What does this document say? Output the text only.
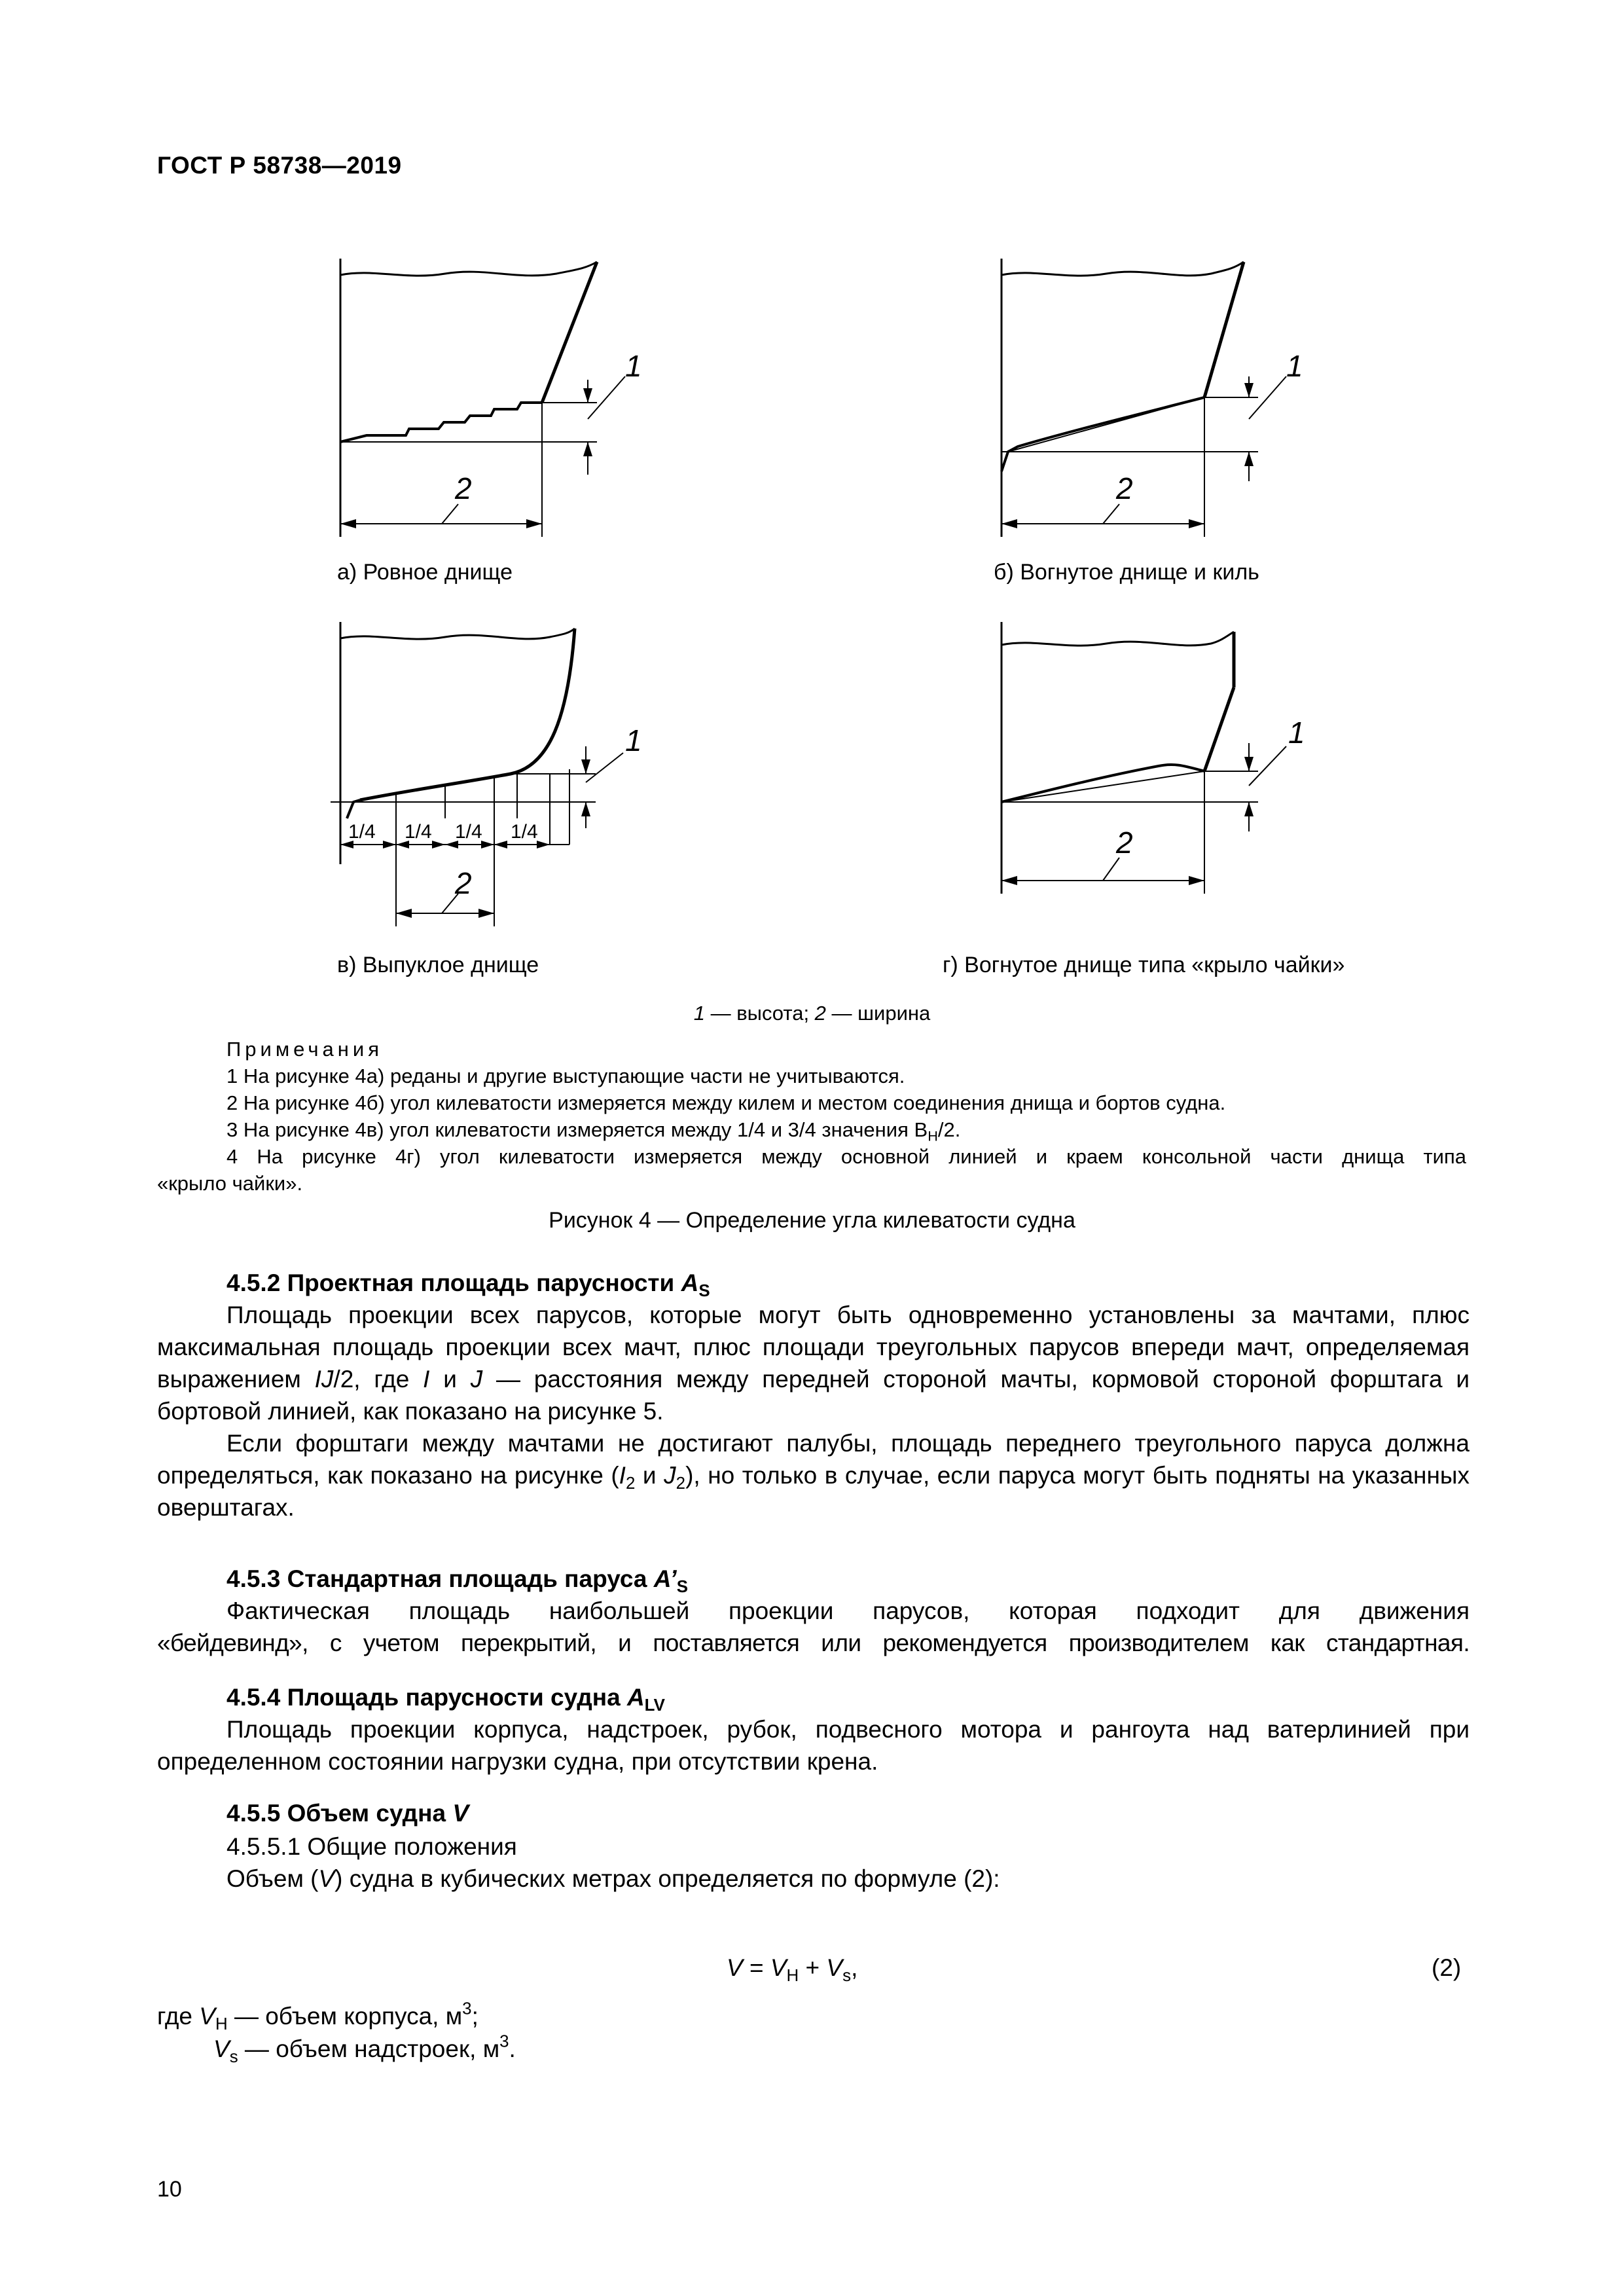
ГОСТ Р 58738—2019
1
2
а) Ровное днище
1
2
б) Вогнутое днище и киль
1/4 1/4 1/4 1/4
1
2
в) Выпуклое днище
1
2
г) Вогнутое днище типа «крыло чайки»
1 — высота; 2 — ширина
Примечания
1 На рисунке 4а) реданы и другие выступающие части не учитываются.
2 На рисунке 4б) угол килеватости измеряется между килем и местом соединения днища и бортов судна.
3 На рисунке 4в) угол килеватости измеряется между 1/4 и 3/4 значения $В_Н/2$.
4 На рисунке 4г) угол килеватости измеряется между основной линией и краем консольной части днища типа
«крыло чайки».
Рисунок 4 — Определение угла килеватости судна

4.5.2 Проектная площадь парусности $A_S$

Площадь проекции всех парусов, которые могут быть одновременно установлены за мачтами, плюс максимальная площадь проекции всех мачт, плюс площади треугольных парусов впереди мачт, определяемая выражением IJ/2, где I и J — расстояния между передней стороной мачты, кормовой стороной форштага и бортовой линией, как показано на рисунке 5.

Если форштаги между мачтами не достигают палубы, площадь переднего треугольного паруса должна определяться, как показано на рисунке ($I_2$ и $J_2$), но только в случае, если паруса могут быть подняты на указанных оверштагах.

4.5.3 Стандартная площадь паруса $A’_S$

Фактическая площадь наибольшей проекции парусов, которая подходит для движения

«бейдевинд», с учетом перекрытий, и поставляется или рекомендуется производителем как стандартная.

4.5.4 Площадь парусности судна $A_{LV}$

Площадь проекции корпуса, надстроек, рубок, подвесного мотора и рангоута над ватерлинией при определенном состоянии нагрузки судна, при отсутствии крена.

4.5.5 Объем судна V

4.5.5.1 Общие положения

Объем (V) судна в кубических метрах определяется по формуле (2):

$V = V_H + V_s$,	(2)
где $V_H$ — объем корпуса, $м^3$;
$V_s$ — объем надстроек, $м^3$.
10
